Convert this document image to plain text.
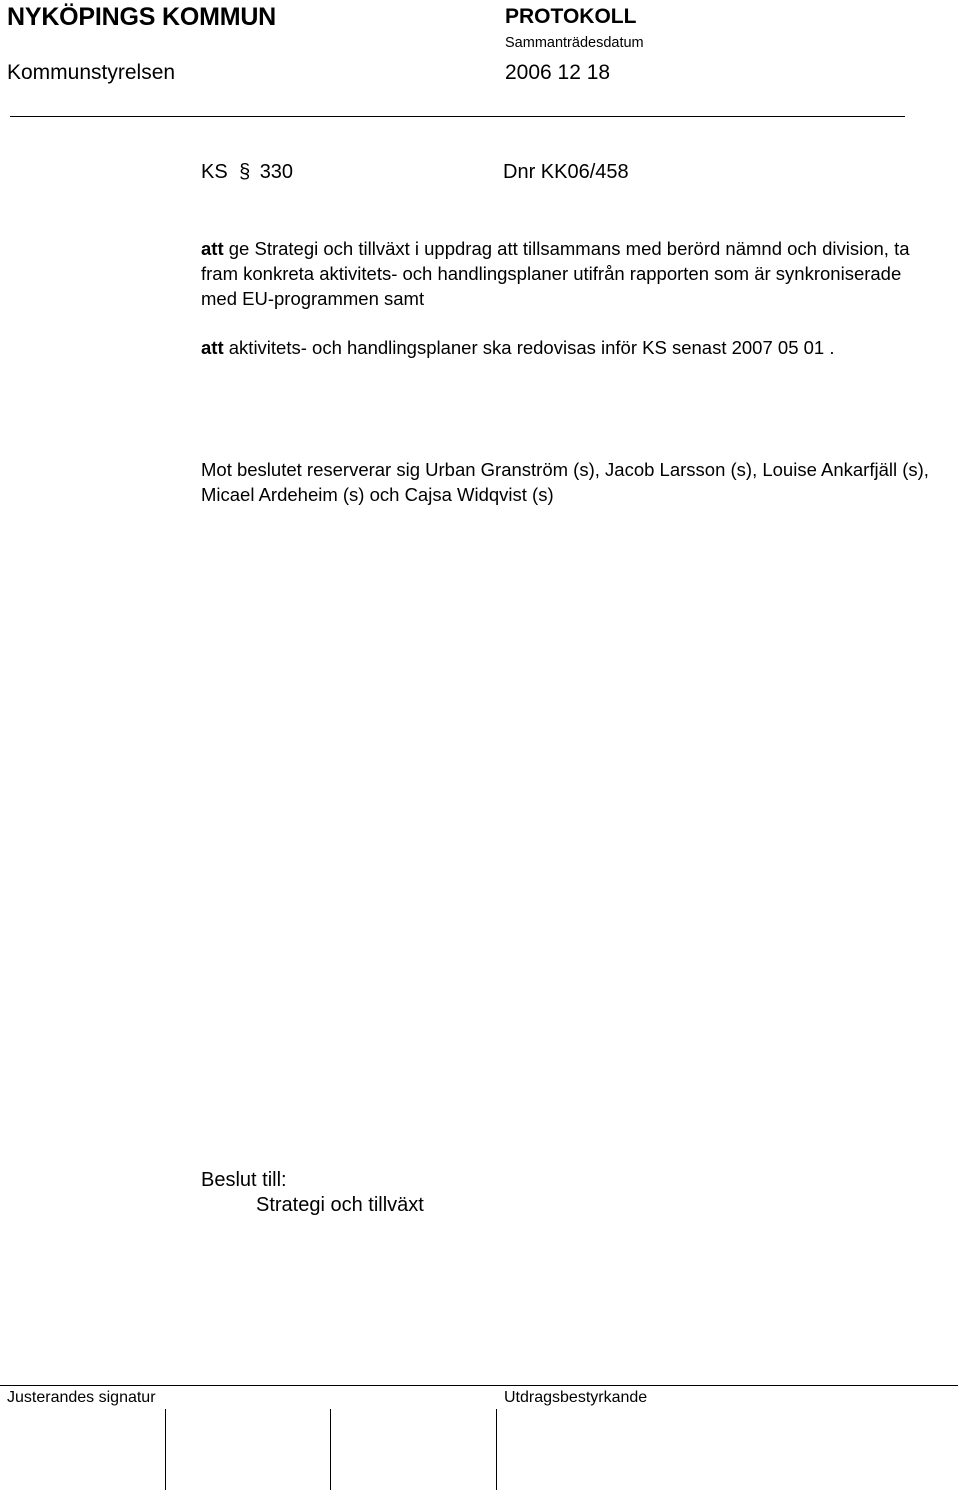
NYKÖPINGS KOMMUN	PROTOKOLL
Sammanträdesdatum
Kommunstyrelsen	2006 12 18
KS § 330	Dnr KK06/458
att ge Strategi och tillväxt i uppdrag att tillsammans med berörd nämnd och division, ta fram konkreta aktivitets- och handlingsplaner utifrån rapporten som är synkroniserade med EU-programmen samt
att aktivitets- och handlingsplaner ska redovisas inför KS senast 2007 05 01 .
Mot beslutet reserverar sig Urban Granström (s), Jacob Larsson (s), Louise Ankarfjäll (s), Micael Ardeheim (s) och Cajsa Widqvist (s)
Beslut till:
Strategi och tillväxt
Justerandes signatur	Utdragsbestyrkande
